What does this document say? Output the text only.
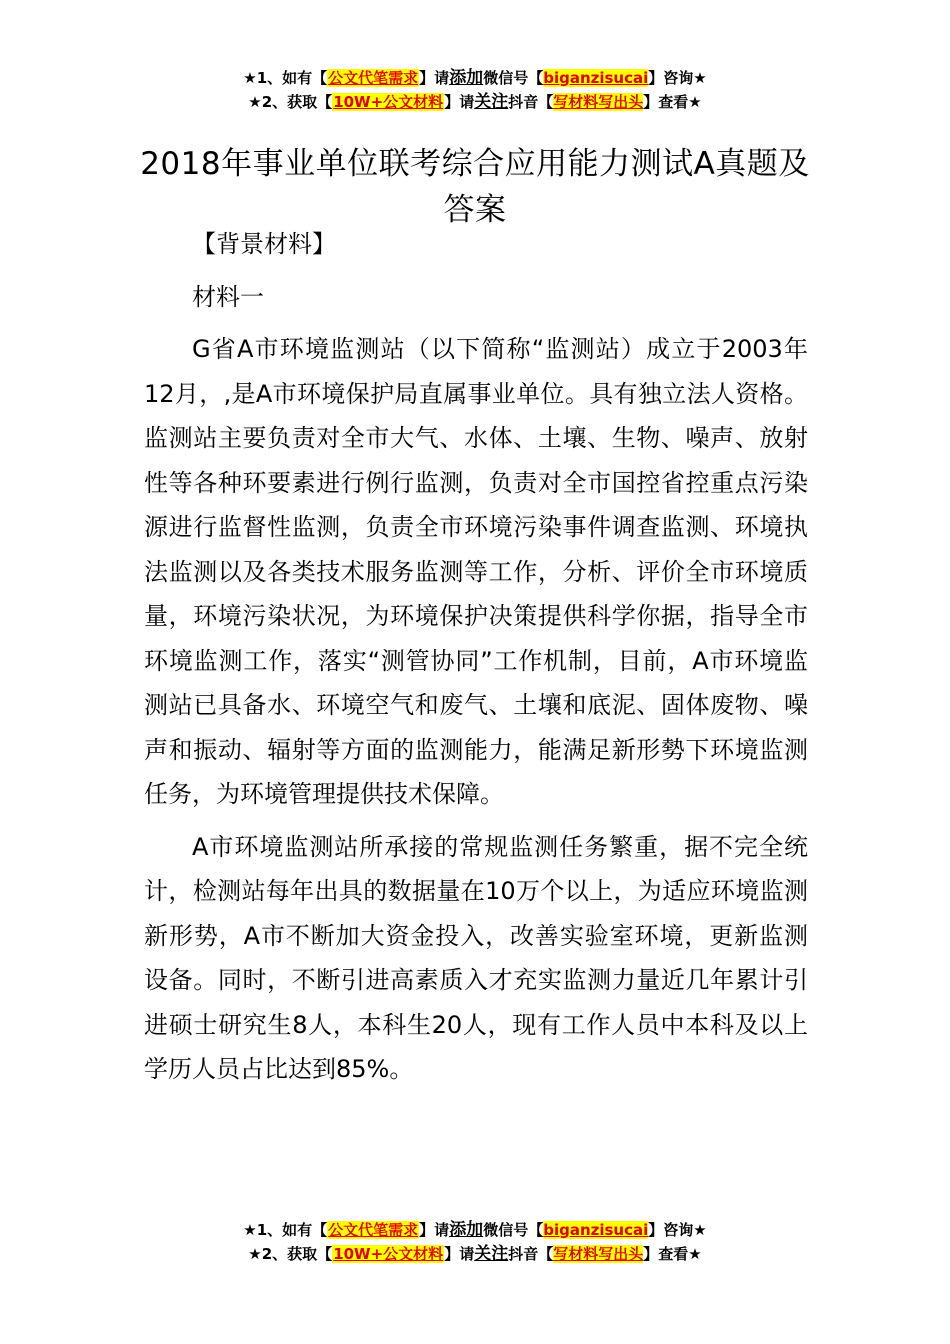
★1、如有【公文代笔需求】请添加微信号【biganzisucai】咨询★
★2、获取【10W+公文材料】请关注抖音【写材料写出头】查看★
2018年事业单位联考综合应用能力测试A真题及答案

【背景材料】

材料一

G省A市环境监测站（以下简称“监测站）成立于2003年12月，,是A市环境保护局直属事业单位。具有独立法人资格。监测站主要负责对全市大气、水体、土壤、生物、噪声、放射性等各种环要素进行例行监测，负责对全市国控省控重点污染源进行监督性监测，负责全市环境污染事件调查监测、环境执法监测以及各类技术服务监测等工作，分析、评价全市环境质量，环境污染状况，为环境保护决策提供科学你据，指导全市环境监测工作，落实“测管协同”工作机制，目前，A市环境监测站已具备水、环境空气和废气、土壤和底泥、固体废物、噪声和振动、辐射等方面的监测能力，能满足新形勢下环境监测任务，为环境管理提供技术保障。

A市环境监测站所承接的常规监测任务繁重，据不完全统计，检测站每年出具的数据量在10万个以上，为适应环境监测新形势，A市不断加大资金投入，改善实验室环境，更新监测设备。同时，不断引进高素质入才充实监测力量近几年累计引进硕士研究生8人，本科生20人，现有工作人员中本科及以上学历人员占比达到85%。

★1、如有【公文代笔需求】请添加微信号【biganzisucai】咨询★
★2、获取【10W+公文材料】请关注抖音【写材料写出头】查看★
